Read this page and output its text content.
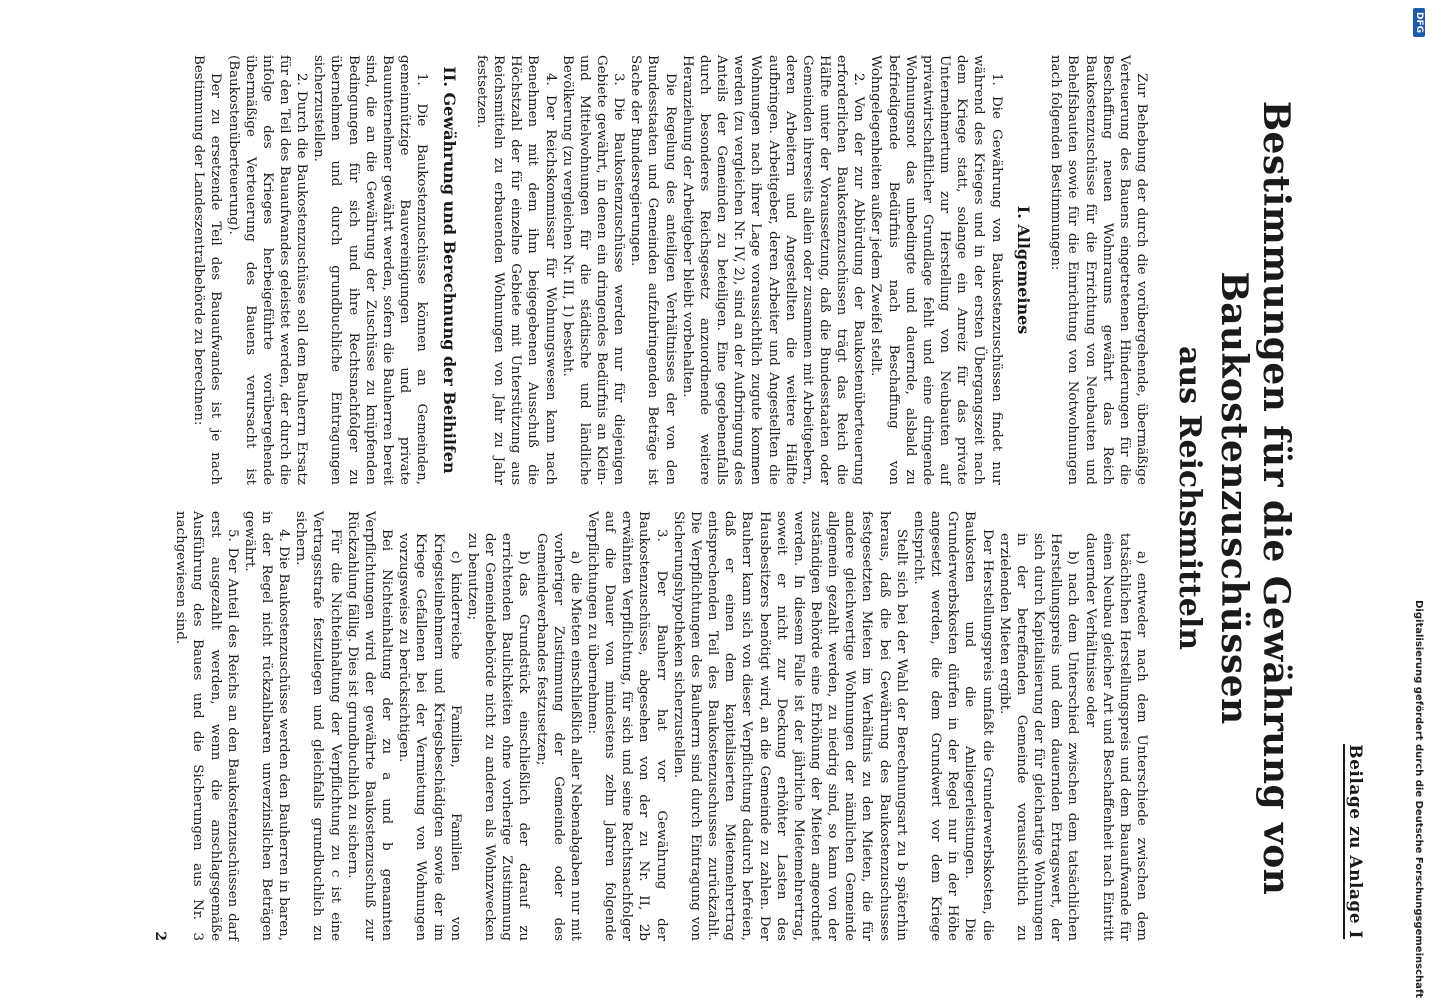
Beilage zu Anlage I
Bestimmungen für die Gewährung von Baukostenzuschüssen
aus Reichsmitteln

Zur Behebung der durch die vorübergehende, übermäßige Verteuerung des Bauens eingetretenen Hinderungen für die Beschaffung neuen Wohnraums gewährt das Reich Baukostenzuschüsse für die Errichtung von Neubauten und Behelfsbauten sowie für die Einrichtung von Notwohnungen nach folgenden Bestimmungen:

I. Allgemeines

1. Die Gewährung von Baukostenzuschüssen findet nur während des Krieges und in der ersten Übergangszeit nach dem Kriege statt, solange ein Anreiz für das private Unternehmertum zur Herstellung von Neubauten auf privatwirtschaftlicher Grundlage fehlt und eine dringende Wohnungsnot das unbedingte und dauernde, alsbald zu befriedigende Bedürfnis nach Beschaffung von Wohngelegenheiten außer jedem Zweifel stellt.

2. Von der zur Abbürdung der Baukostenüberteuerung erforderlichen Baukostenzuschüssen trägt das Reich die Hälfte unter der Voraussetzung, daß die Bundesstaaten oder Gemeinden ihrerseits allein oder zusammen mit Arbeitgebern, deren Arbeitern und Angestellten die weitere Hälfte aufbringen. Arbeitgeber, deren Arbeiter und Angestellten die Wohnungen nach ihrer Lage voraussichtlich zugute kommen werden (zu vergleichen Nr. IV, 2), sind an der Aufbringung des Anteils der Gemeinden zu beteiligen. Eine gegebenenfalls durch besonderes Reichsgesetz anzuordnende weitere Heranziehung der Arbeitgeber bleibt vorbehalten.

Die Regelung des anteiligen Verhältnisses der von den Bundesstaaten und Gemeinden aufzubringenden Beträge ist Sache der Bundesregierungen.

3. Die Baukostenzuschüsse werden nur für diejenigen Gebiete gewährt, in denen ein dringendes Bedürfnis an Klein- und Mittelwohnungen für die städtische und ländliche Bevölkerung (zu vergleichen Nr. III, 1) besteht.

4. Der Reichskommissar für Wohnungswesen kann nach Benehmen mit dem ihm beigegebenen Ausschuß die Höchstzahl der für einzelne Gebiete mit Unterstützung aus Reichsmitteln zu erbauenden Wohnungen von Jahr zu Jahr festsetzen.

II. Gewährung und Berechnung der Beihilfen

1. Die Baukostenzuschüsse können an Gemeinden, gemeinnützige Bauvereinigungen und private Bauunternehmer gewährt werden, sofern die Bauherren bereit sind, die an die Gewährung der Zuschüsse zu knüpfenden Bedingungen für sich und ihre Rechtsnachfolger zu übernehmen und durch grundbuchliche Eintragungen sicherzustellen.

2. Durch die Baukostenzuschüsse soll dem Bauherrn Ersatz für den Teil des Bauaufwandes geleistet werden, der durch die infolge des Krieges herbeigeführte vorübergehende übermäßige Verteuerung des Bauens verursacht ist (Baukostenüberteuerung).

Der zu ersetzende Teil des Bauaufwandes ist je nach Bestimmung der Landeszentralbehörde zu berechnen:

a)entweder nach dem Unterschiede zwischen dem tatsächlichen Herstellungspreis und dem Bauaufwande für einen Neubau gleicher Art und Beschaffenheit nach Eintritt dauernder Verhältnisse oder

b)nach dem Unterschied zwischen dem tatsächlichen Herstellungspreis und dem dauernden Ertragswert, der sich durch Kapitalisierung der für gleichartige Wohnungen in der betreffenden Gemeinde voraussichtlich zu erzielenden Mieten ergibt.

Der Herstellungspreis umfaßt die Grunderwerbskosten, die Baukosten und die Anliegerleistungen. Die Grunderwerbskosten dürfen in der Regel nur in der Höhe angesetzt werden, die dem Grundwert vor dem Kriege entspricht.

Stellt sich bei der Wahl der Berechnungsart zu b späterhin heraus, daß die bei Gewährung des Baukostenzuschusses festgesetzten Mieten im Verhältnis zu den Mieten, die für andere gleichwertige Wohnungen der nämlichen Gemeinde allgemein gezahlt werden, zu niedrig sind, so kann von der zuständigen Behörde eine Erhöhung der Mieten angeordnet werden. In diesem Falle ist der jährliche Mietemehrertrag, soweit er nicht zur Deckung erhöhter Lasten des Hausbesitzers benötigt wird, an die Gemeinde zu zahlen. Der Bauherr kann sich von dieser Verpflichtung dadurch befreien, daß er einen dem kapitalisierten Mietemehrertrag entsprechenden Teil des Baukostenzuschusses zurückzahlt. Die Verpflichtungen des Bauherrn sind durch Eintragung von Sicherungshypotheken sicherzustellen.

3. Der Bauherr hat vor Gewährung der Baukostenzuschüsse, abgesehen von der zu Nr. II, 2b erwähnten Verpflichtung, für sich und seine Rechtsnachfolger auf die Dauer von mindestens zehn Jahren folgende Verpflichtungen zu übernehmen:

a)die Mieten einschließlich aller Nebenabgaben nur mit vorheriger Zustimmung der Gemeinde oder des Gemeindeverbandes festzusetzen;

b)das Grundstück einschließlich der darauf zu errichtenden Baulichkeiten ohne vorherige Zustimmung der Gemeindebehörde nicht zu anderen als Wohnzwecken zu benutzen;

c)kinderreiche Familien, Familien von Kriegsteilnehmern und Kriegsbeschädigten sowie der im Kriege Gefallenen bei der Vermietung von Wohnungen vorzugsweise zu berücksichtigen.

Bei Nichteinhaltung der zu a und b genannten Verpflichtungen wird der gewährte Baukostenzuschuß zur Rückzahlung fällig. Dies ist grundbuchlich zu sichern.

Für die Nichteinhaltung der Verpflichtung zu c ist eine Vertragsstrafe festzulegen und gleichfalls grundbuchlich zu sichern.

4. Die Baukostenzuschüsse werden den Bauherren in baren, in der Regel nicht rückzahlbaren unverzinslichen Beträgen gewährt.

5. Der Anteil des Reichs an den Baukostenzuschüssen darf erst ausgezahlt werden, wenn die anschlagsgemäße Ausführung des Baues und die Sicherungen aus Nr. 3 nachgewiesen sind.

2
DFG
Digitalisierung gefördert durch die Deutsche Forschungsgemeinschaft
